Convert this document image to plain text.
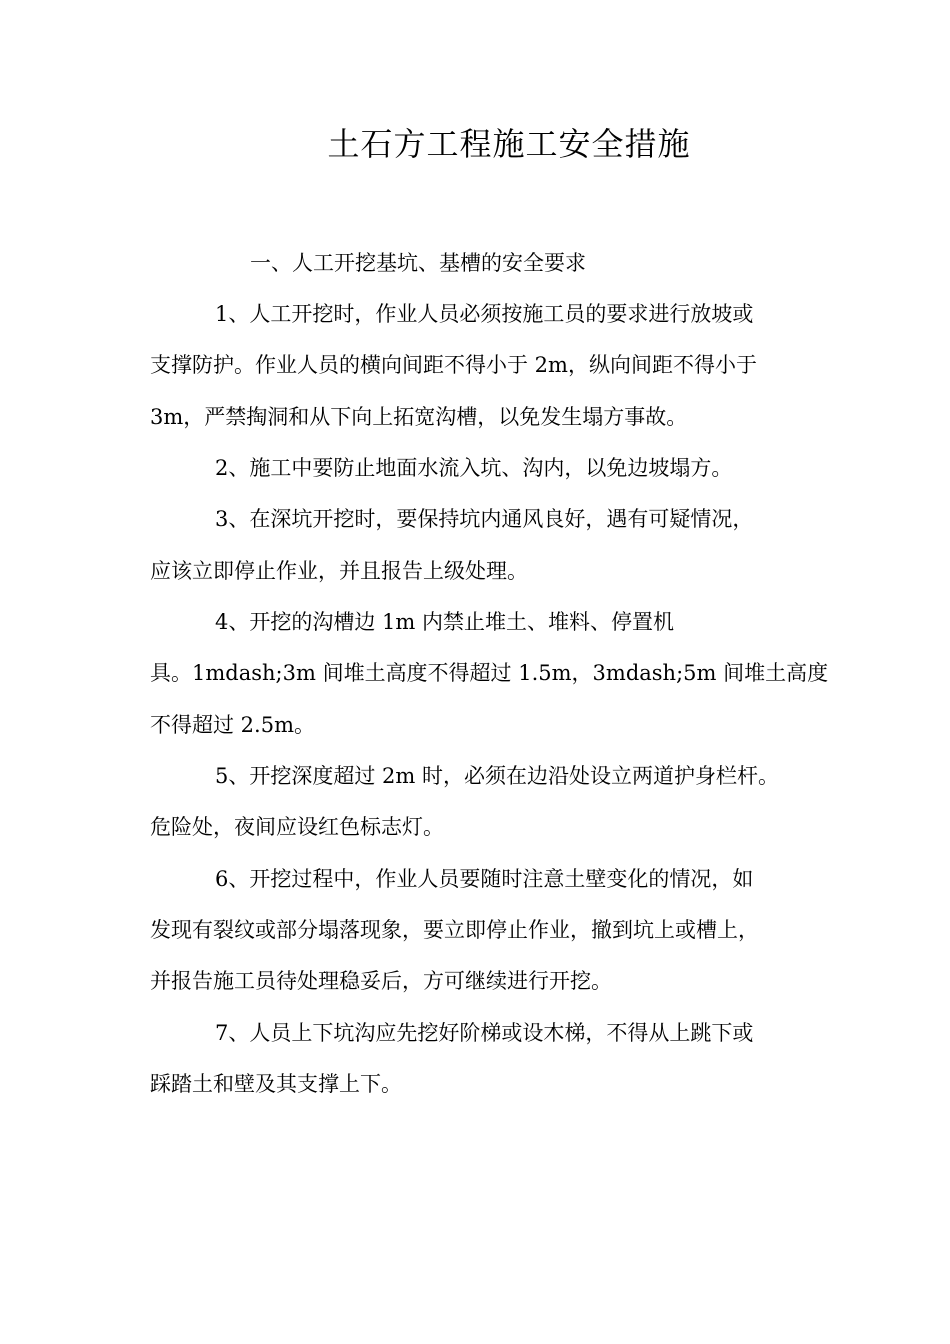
土石方工程施工安全措施
一、人工开挖基坑、基槽的安全要求
1、人工开挖时，作业人员必须按施工员的要求进行放坡或
支撑防护。作业人员的横向间距不得小于 2m，纵向间距不得小于
3m，严禁掏洞和从下向上拓宽沟槽，以免发生塌方事故。
2、施工中要防止地面水流入坑、沟内，以免边坡塌方。
3、在深坑开挖时，要保持坑内通风良好，遇有可疑情况，
应该立即停止作业，并且报告上级处理。
4、开挖的沟槽边 1m 内禁止堆土、堆料、停置机
具。1mdash;3m 间堆土高度不得超过 1.5m，3mdash;5m 间堆土高度
不得超过 2.5m。
5、开挖深度超过 2m 时，必须在边沿处设立两道护身栏杆。
危险处，夜间应设红色标志灯。
6、开挖过程中，作业人员要随时注意土壁变化的情况，如
发现有裂纹或部分塌落现象，要立即停止作业，撤到坑上或槽上，
并报告施工员待处理稳妥后，方可继续进行开挖。
7、人员上下坑沟应先挖好阶梯或设木梯，不得从上跳下或
踩踏土和壁及其支撑上下。
